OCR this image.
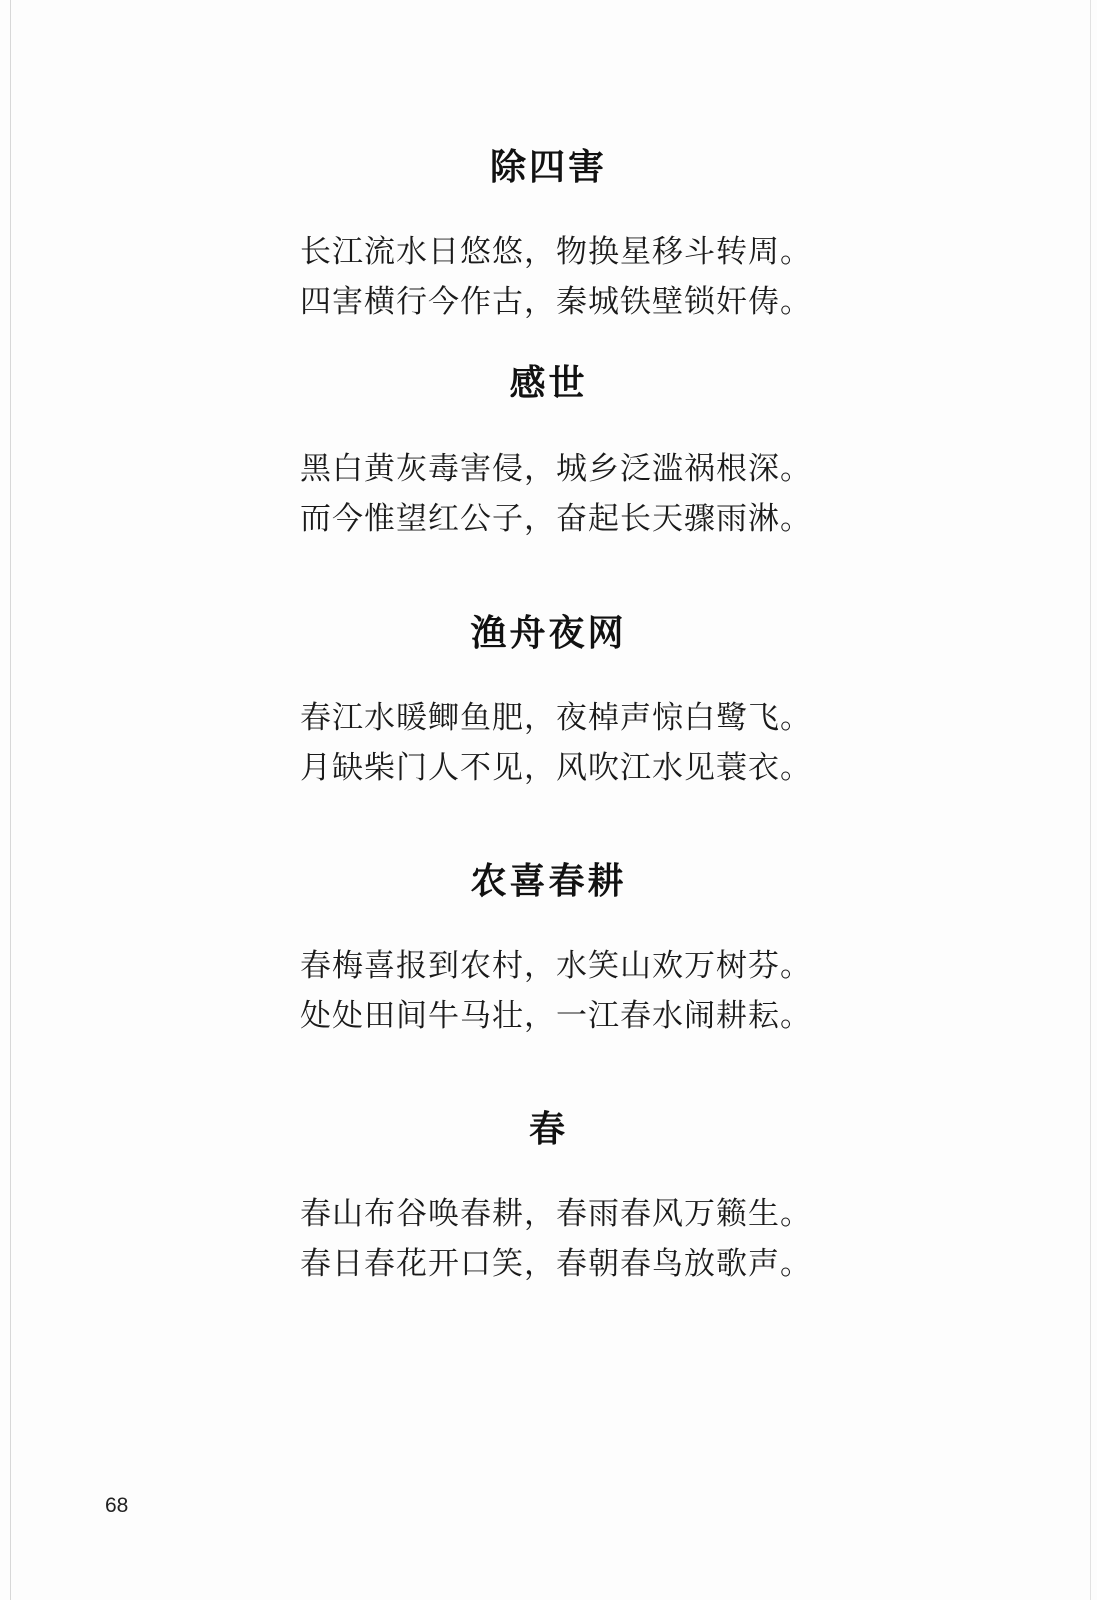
除四害
长江流水日悠悠，物换星移斗转周。
四害横行今作古，秦城铁壁锁奸俦。
感世
黑白黄灰毒害侵，城乡泛滥祸根深。
而今惟望红公子，奋起长天骤雨淋。
渔舟夜网
春江水暖鲫鱼肥，夜棹声惊白鹭飞。
月缺柴门人不见，风吹江水见蓑衣。
农喜春耕
春梅喜报到农村，水笑山欢万树芬。
处处田间牛马壮，一江春水闹耕耘。
春
春山布谷唤春耕，春雨春风万籁生。
春日春花开口笑，春朝春鸟放歌声。
68
